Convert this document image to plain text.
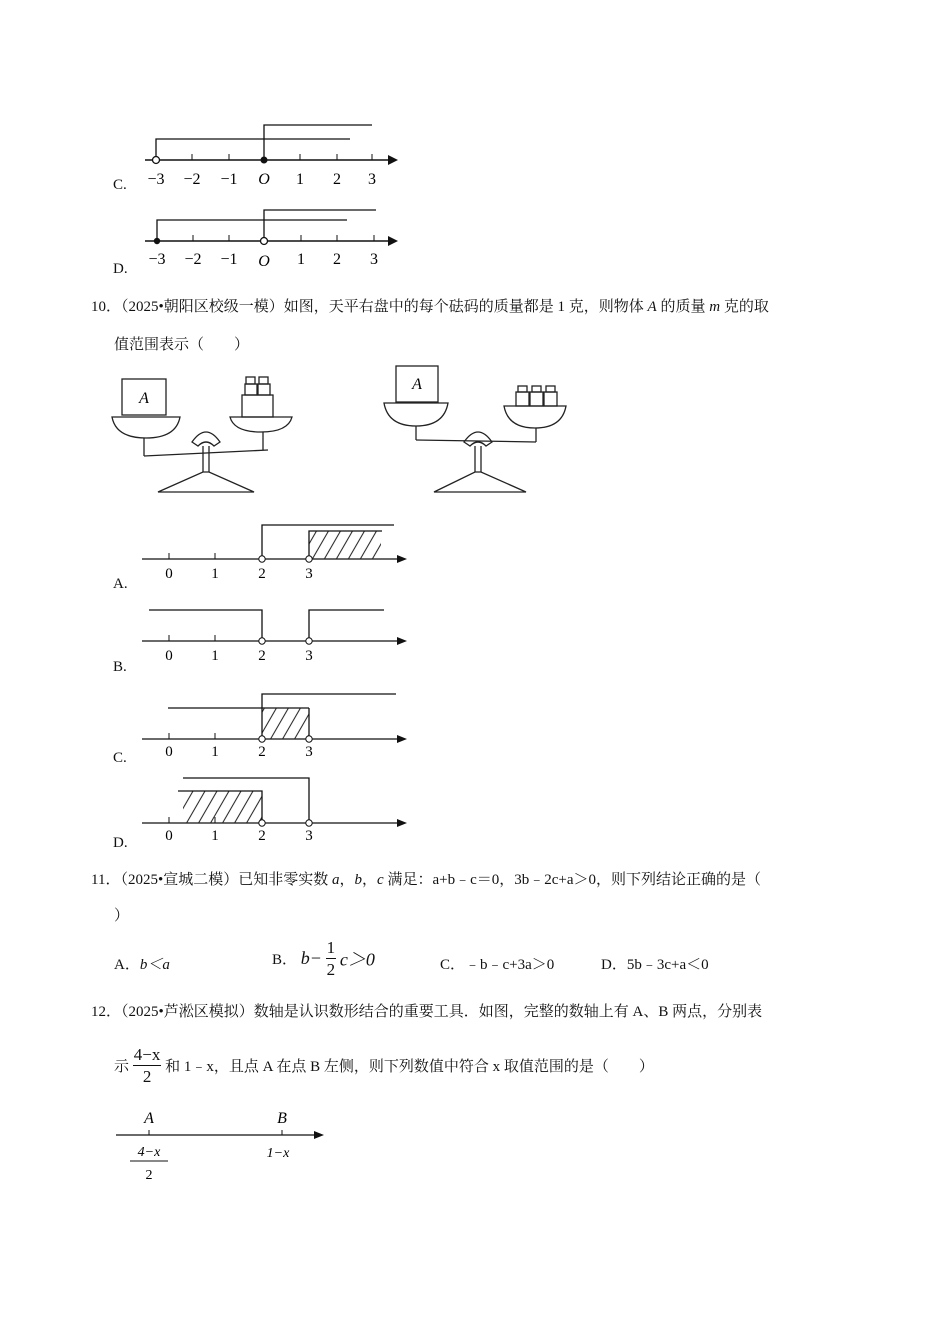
C. −3 −2 −1 O 1 2 3
D.
−3 −2 −1 O 1 2 3
10．（2025•朝阳区校级一模）如图，天平右盘中的每个砝码的质量都是 1 克，则物体 A 的质量 m 克的取
值范围表示（　　）
A
A
A.
0	1	2	3
B.
0	1	2	3
C.	0	1	2	3
D.	0	1	2	3
11．（2025•宣城二模）已知非零实数 a，b，c 满足：a+b﹣c＝0，3b﹣2c+a＞0，则下列结论正确的是（
）
A．b＜a	B． $b- \frac{1}{2} c>0$	C．﹣b﹣c+3a＞0	D．5b﹣3c+a＜0
12．（2025•芦淞区模拟）数轴是认识数形结合的重要工具．如图，完整的数轴上有 A、B 两点，分别表
示 $\frac{4-x}{2}$ 和 1﹣x，且点 A 在点 B 左侧，则下列数值中符合 x 取值范围的是（　　）
A	B
4−x
2
1−x
